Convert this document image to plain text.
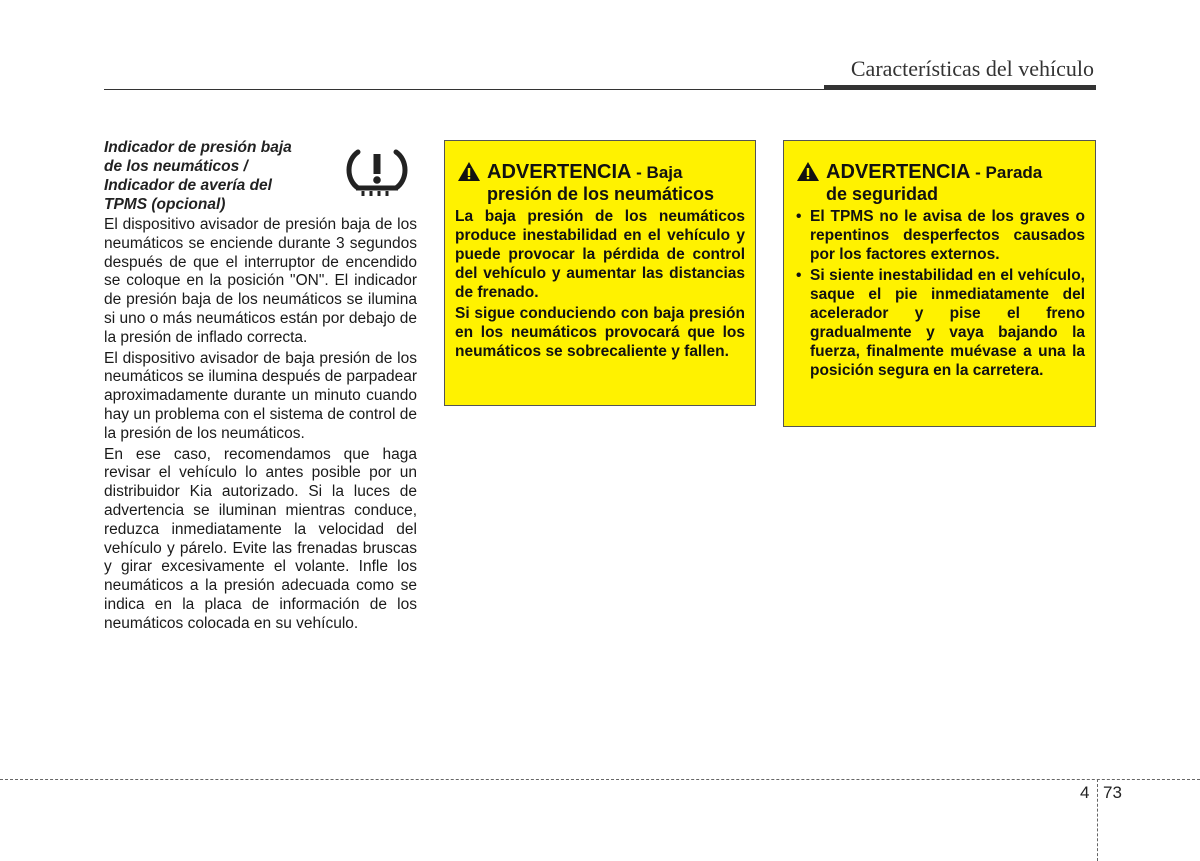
Características del vehículo

Indicador de presión baja
de los neumáticos /
Indicador de avería del
TPMS (opcional)

El dispositivo avisador de presión baja de los neumáticos se enciende durante 3 segundos después de que el interruptor de encendido se coloque en la posición "ON". El indicador de presión baja de los neumáticos se ilumina si uno o más neumáticos están por debajo de la presión de inflado correcta.

El dispositivo avisador de baja presión de los neumáticos se ilumina después de parpadear aproximadamente durante un minuto cuando hay un problema con el sistema de control de la presión de los neumáticos.

En ese caso, recomendamos que haga revisar el vehículo lo antes posible por un distribuidor Kia autorizado. Si la luces de advertencia se iluminan mientras conduce, reduzca inmediatamente la velocidad del vehículo y párelo. Evite las frenadas bruscas y girar excesivamente el volante. Infle los neumáticos a la presión adecuada como se indica en la placa de información de los neumáticos colocada en su vehículo.

ADVERTENCIA - Baja
presión de los neumáticos

La baja presión de los neumáticos produce inestabilidad en el vehículo y puede provocar la pérdida de control del vehículo y aumentar las distancias de frenado.

Si sigue conduciendo con baja presión en los neumáticos provocará que los neumáticos se sobrecaliente y fallen.

ADVERTENCIA - Parada
de seguridad
• El TPMS no le avisa de los graves o repentinos desperfectos causados por los factores externos.
• Si siente inestabilidad en el vehículo, saque el pie inmediatamente del acelerador y pise el freno gradualmente y vaya bajando la fuerza, finalmente muévase a una la posición segura en la carretera.
4 73
